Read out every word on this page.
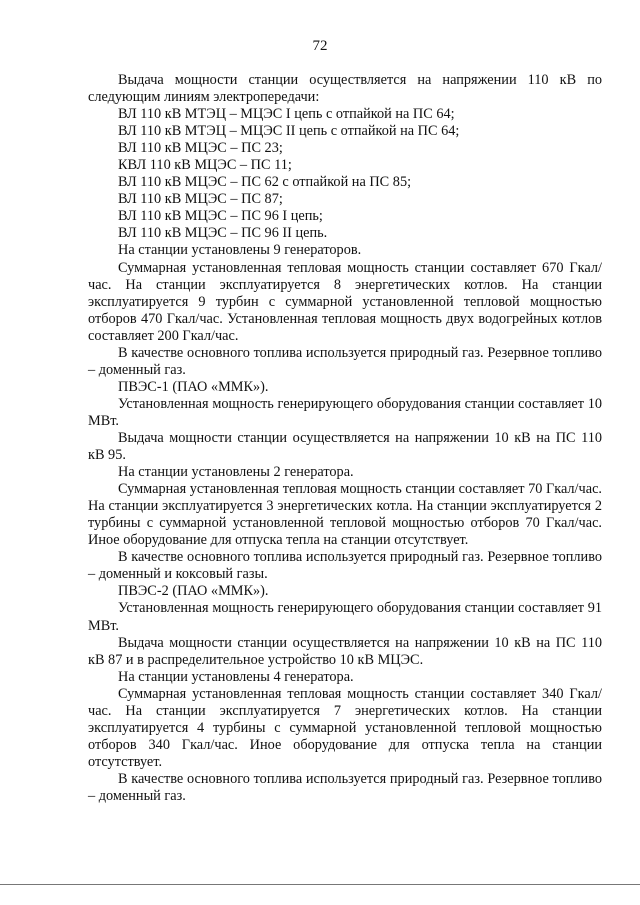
72

Выдача мощности станции осуществляется на напряжении 110 кВ по следующим линиям электропередачи:

ВЛ 110 кВ МТЭЦ – МЦЭС I цепь с отпайкой на ПС 64;

ВЛ 110 кВ МТЭЦ – МЦЭС II цепь с отпайкой на ПС 64;

ВЛ 110 кВ МЦЭС – ПС 23;

КВЛ 110 кВ МЦЭС – ПС 11;

ВЛ 110 кВ МЦЭС – ПС 62 с отпайкой на ПС 85;

ВЛ 110 кВ МЦЭС – ПС 87;

ВЛ 110 кВ МЦЭС – ПС 96 I цепь;

ВЛ 110 кВ МЦЭС – ПС 96 II цепь.

На станции установлены 9 генераторов.

Суммарная установленная тепловая мощность станции составляет 670 Гкал/час. На станции эксплуатируется 8 энергетических котлов. На станции эксплуатируется 9 турбин с суммарной установленной тепловой мощностью отборов 470 Гкал/час. Установленная тепловая мощность двух водогрейных котлов составляет 200 Гкал/час.

В качестве основного топлива используется природный газ. Резервное топливо – доменный газ.

ПВЭС-1 (ПАО «ММК»).

Установленная мощность генерирующего оборудования станции составляет 10 МВт.

Выдача мощности станции осуществляется на напряжении 10 кВ на ПС 110 кВ 95.

На станции установлены 2 генератора.

Суммарная установленная тепловая мощность станции составляет 70 Гкал/час. На станции эксплуатируется 3 энергетических котла. На станции эксплуатируется 2 турбины с суммарной установленной тепловой мощностью отборов 70 Гкал/час. Иное оборудование для отпуска тепла на станции отсутствует.

В качестве основного топлива используется природный газ. Резервное топливо – доменный и коксовый газы.

ПВЭС-2 (ПАО «ММК»).

Установленная мощность генерирующего оборудования станции составляет 91 МВт.

Выдача мощности станции осуществляется на напряжении 10 кВ на ПС 110 кВ 87 и в распределительное устройство 10 кВ МЦЭС.

На станции установлены 4 генератора.

Суммарная установленная тепловая мощность станции составляет 340 Гкал/час. На станции эксплуатируется 7 энергетических котлов. На станции эксплуатируется 4 турбины с суммарной установленной тепловой мощностью отборов 340 Гкал/час. Иное оборудование для отпуска тепла на станции отсутствует.

В качестве основного топлива используется природный газ. Резервное топливо – доменный газ.
